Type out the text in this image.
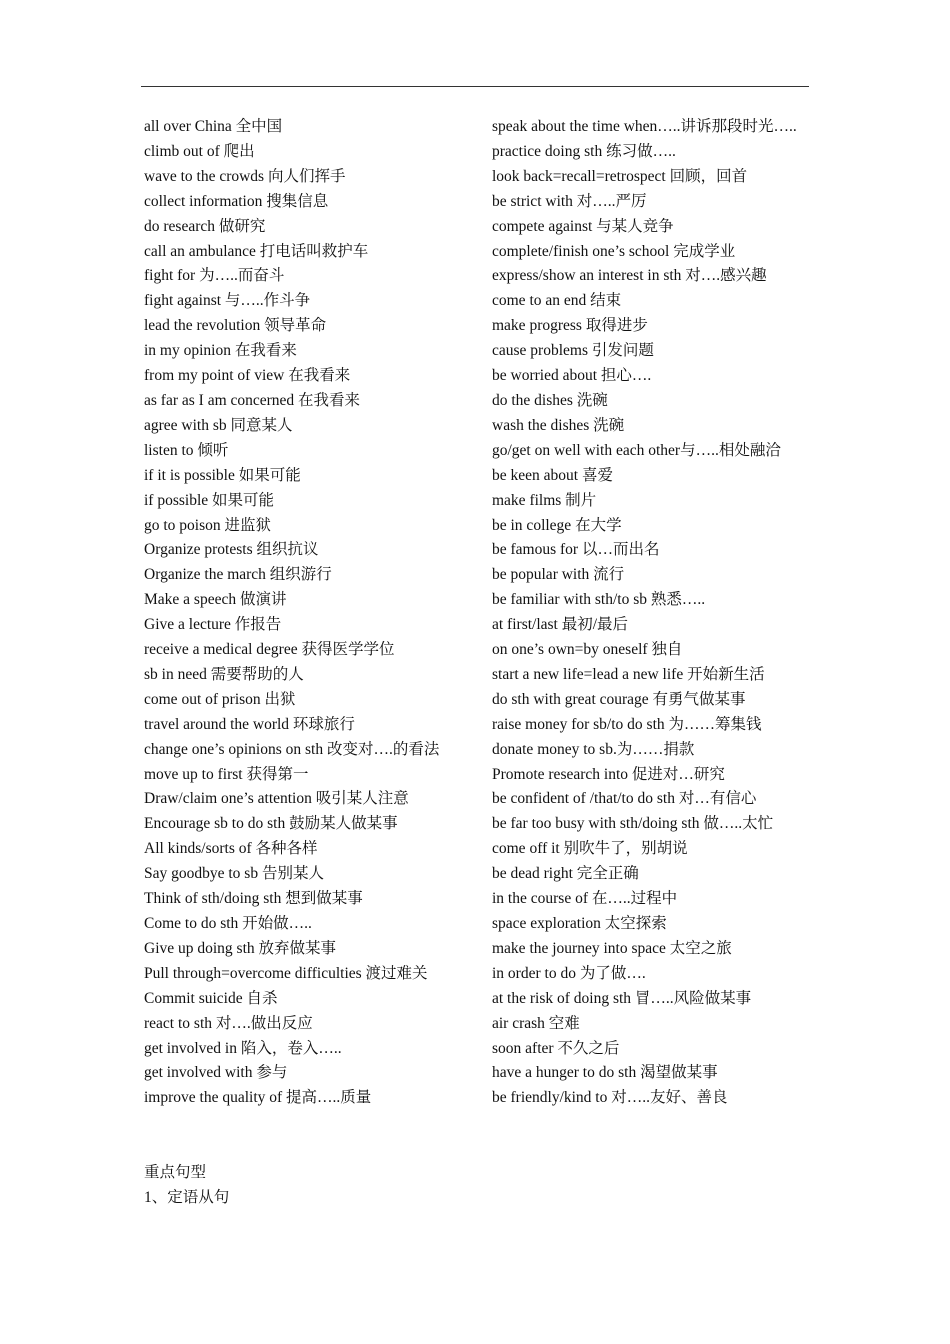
all over China 全中国
climb out of 爬出
wave to the crowds 向人们挥手
collect information 搜集信息
do research 做研究
call an ambulance 打电话叫救护车
fight for 为…..而奋斗
fight against 与…..作斗争
lead the revolution 领导革命
in my opinion 在我看来
from my point of view 在我看来
as far as I am concerned 在我看来
agree with sb 同意某人
listen to 倾听
if it is possible 如果可能
if possible 如果可能
go to poison 进监狱
Organize protests 组织抗议
Organize the march 组织游行
Make a speech 做演讲
Give a lecture 作报告
receive a medical degree 获得医学学位
sb in need 需要帮助的人
come out of prison 出狱
travel around the world 环球旅行
change one’s opinions on sth 改变对….的看法
move up to first 获得第一
Draw/claim one’s attention 吸引某人注意
Encourage sb to do sth 鼓励某人做某事
All kinds/sorts of 各种各样
Say goodbye to sb 告别某人
Think of sth/doing sth 想到做某事
Come to do sth 开始做…..
Give up doing sth 放弃做某事
Pull through=overcome difficulties 渡过难关
Commit suicide 自杀
react to sth 对….做出反应
get involved in 陷入，卷入…..
get involved with 参与
improve the quality of 提高…..质量
speak about the time when…..讲诉那段时光…..
practice doing sth 练习做…..
look back=recall=retrospect 回顾，回首
be strict with 对…..严厉
compete against 与某人竞争
complete/finish one’s school 完成学业
express/show an interest in sth 对….感兴趣
come to an end 结束
make progress 取得进步
cause problems 引发问题
be worried about 担心….
do the dishes 洗碗
wash the dishes 洗碗
go/get on well with each other与…..相处融洽
be keen about 喜爱
make films 制片
be in college 在大学
be famous for 以…而出名
be popular with 流行
be familiar with sth/to sb 熟悉…..
at first/last 最初/最后
on one’s own=by oneself 独自
start a new life=lead a new life 开始新生活
do sth with great courage 有勇气做某事
raise money for sb/to do sth 为……筹集钱
donate money to sb.为……捐款
Promote research into 促进对…研究
be confident of /that/to do sth 对…有信心
be far too busy with sth/doing sth 做…..太忙
come off it 别吹牛了，别胡说
be dead right 完全正确
in the course of 在…..过程中
space exploration 太空探索
make the journey into space 太空之旅
in order to do 为了做….
at the risk of doing sth 冒…..风险做某事
air crash 空难
soon after 不久之后
have a hunger to do sth 渴望做某事
be friendly/kind to 对…..友好、善良
重点句型
1、定语从句
